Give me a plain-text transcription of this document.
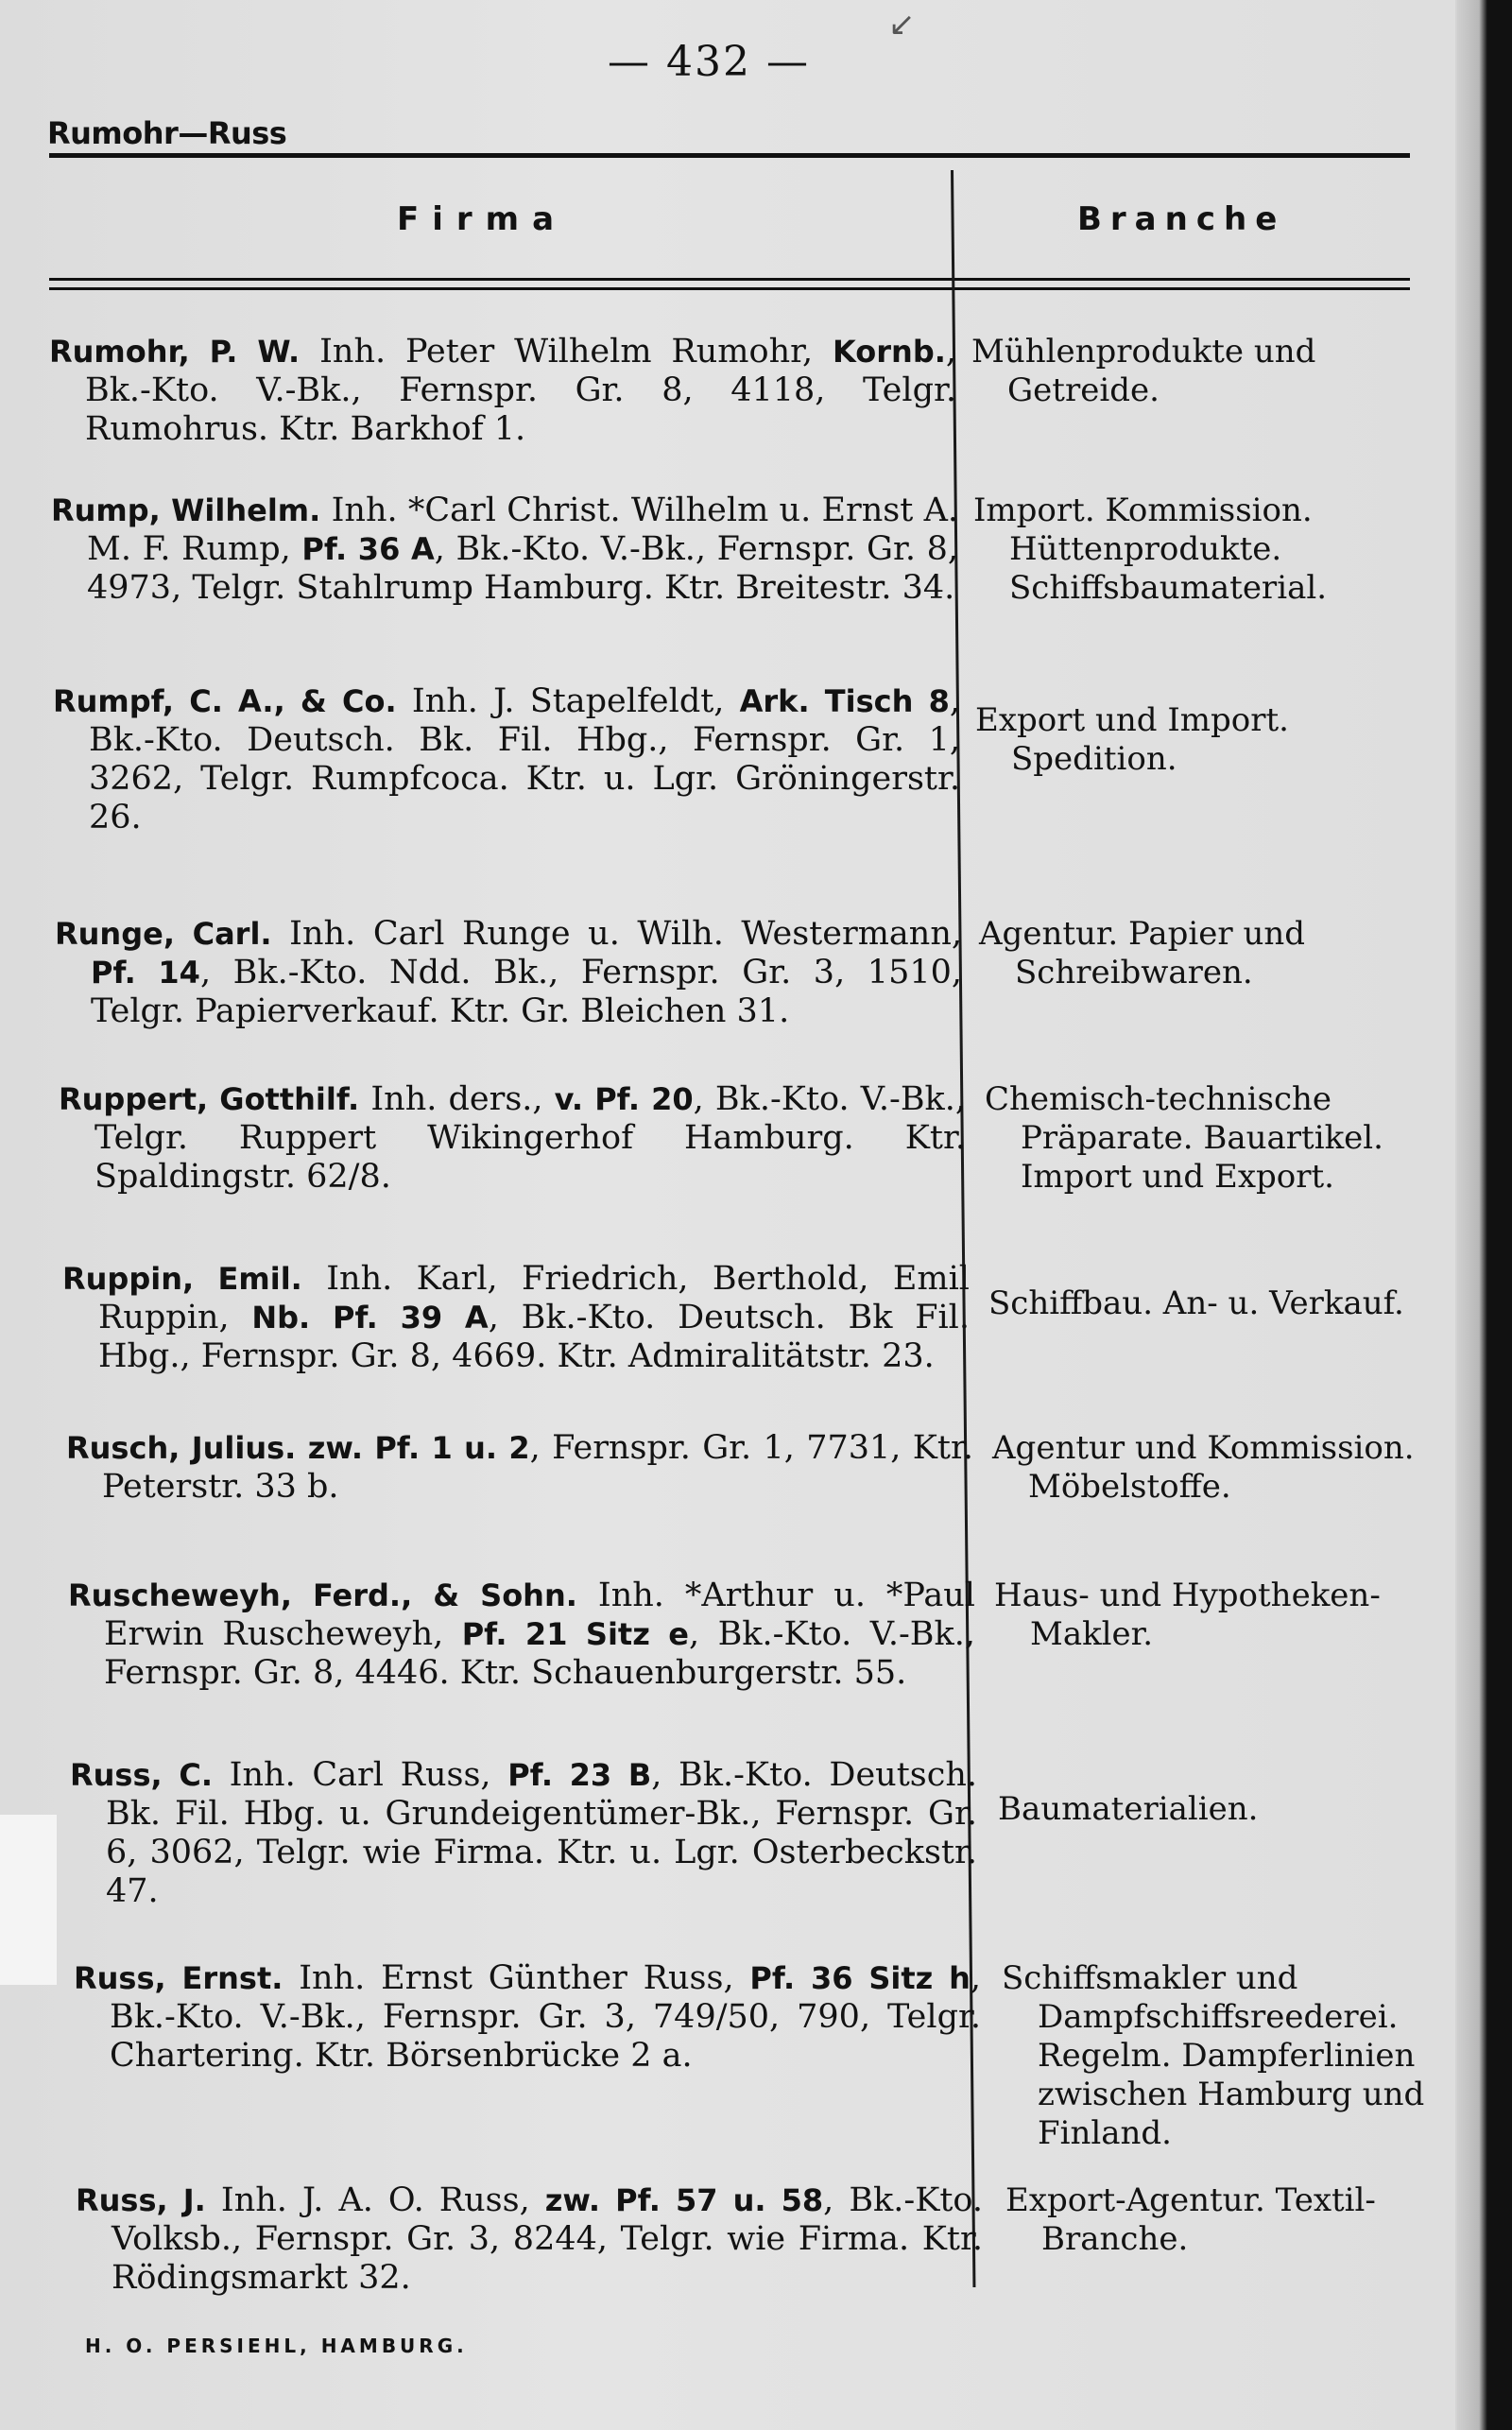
↙
— 432 —
Rumohr—Russ
Firma	Branche
Rumohr, P. W. Inh. Peter Wilhelm Rumohr, Kornb., Bk.-Kto. V.-Bk., Fernspr. Gr. 8, 4118, Telgr. Rumohrus. Ktr. Barkhof 1.
Mühlenprodukte und Getreide.
Rump, Wilhelm. Inh. *Carl Christ. Wilhelm u. Ernst A. M. F. Rump, Pf. 36 A, Bk.-Kto. V.-Bk., Fernspr. Gr. 8, 4973, Telgr. Stahlrump Hamburg. Ktr. Breitestr. 34.
Import. Kommission. Hüttenprodukte. Schiffsbaumaterial.
Rumpf, C. A., & Co. Inh. J. Stapelfeldt, Ark. Tisch 8, Bk.-Kto. Deutsch. Bk. Fil. Hbg., Fernspr. Gr. 1, 3262, Telgr. Rumpfcoca. Ktr. u. Lgr. Gröningerstr. 26.
Export und Import. Spedition.
Runge, Carl. Inh. Carl Runge u. Wilh. Westermann, Pf. 14, Bk.-Kto. Ndd. Bk., Fernspr. Gr. 3, 1510, Telgr. Papierverkauf. Ktr. Gr. Bleichen 31.
Agentur. Papier und Schreibwaren.
Ruppert, Gotthilf. Inh. ders., v. Pf. 20, Bk.-Kto. V.-Bk., Telgr. Ruppert Wikingerhof Hamburg. Ktr. Spaldingstr. 62/8.
Chemisch-technische Präparate. Bauartikel. Import und Export.
Ruppin, Emil. Inh. Karl, Friedrich, Berthold, Emil Ruppin, Nb. Pf. 39 A, Bk.-Kto. Deutsch. Bk Fil. Hbg., Fernspr. Gr. 8, 4669. Ktr. Admiralitätstr. 23.
Schiffbau. An- u. Verkauf.
Rusch, Julius. zw. Pf. 1 u. 2, Fernspr. Gr. 1, 7731, Ktr. Peterstr. 33 b.
Agentur und Kommission. Möbelstoffe.
Ruscheweyh, Ferd., & Sohn. Inh. *Arthur u. *Paul Erwin Ruscheweyh, Pf. 21 Sitz e, Bk.-Kto. V.-Bk., Fernspr. Gr. 8, 4446. Ktr. Schauenburgerstr. 55.
Haus- und Hypotheken-Makler.
Russ, C. Inh. Carl Russ, Pf. 23 B, Bk.-Kto. Deutsch. Bk. Fil. Hbg. u. Grundeigentümer-Bk., Fernspr. Gr. 6, 3062, Telgr. wie Firma. Ktr. u. Lgr. Osterbeckstr. 47.
Baumaterialien.
Russ, Ernst. Inh. Ernst Günther Russ, Pf. 36 Sitz h, Bk.-Kto. V.-Bk., Fernspr. Gr. 3, 749/50, 790, Telgr. Chartering. Ktr. Börsenbrücke 2 a.
Schiffsmakler und Dampfschiffsreederei. Regelm. Dampferlinien zwischen Hamburg und Finland.
Russ, J. Inh. J. A. O. Russ, zw. Pf. 57 u. 58, Bk.-Kto. Volksb., Fernspr. Gr. 3, 8244, Telgr. wie Firma. Ktr. Rödingsmarkt 32.
Export-Agentur. Textil-Branche.
H. O. PERSIEHL, HAMBURG.
